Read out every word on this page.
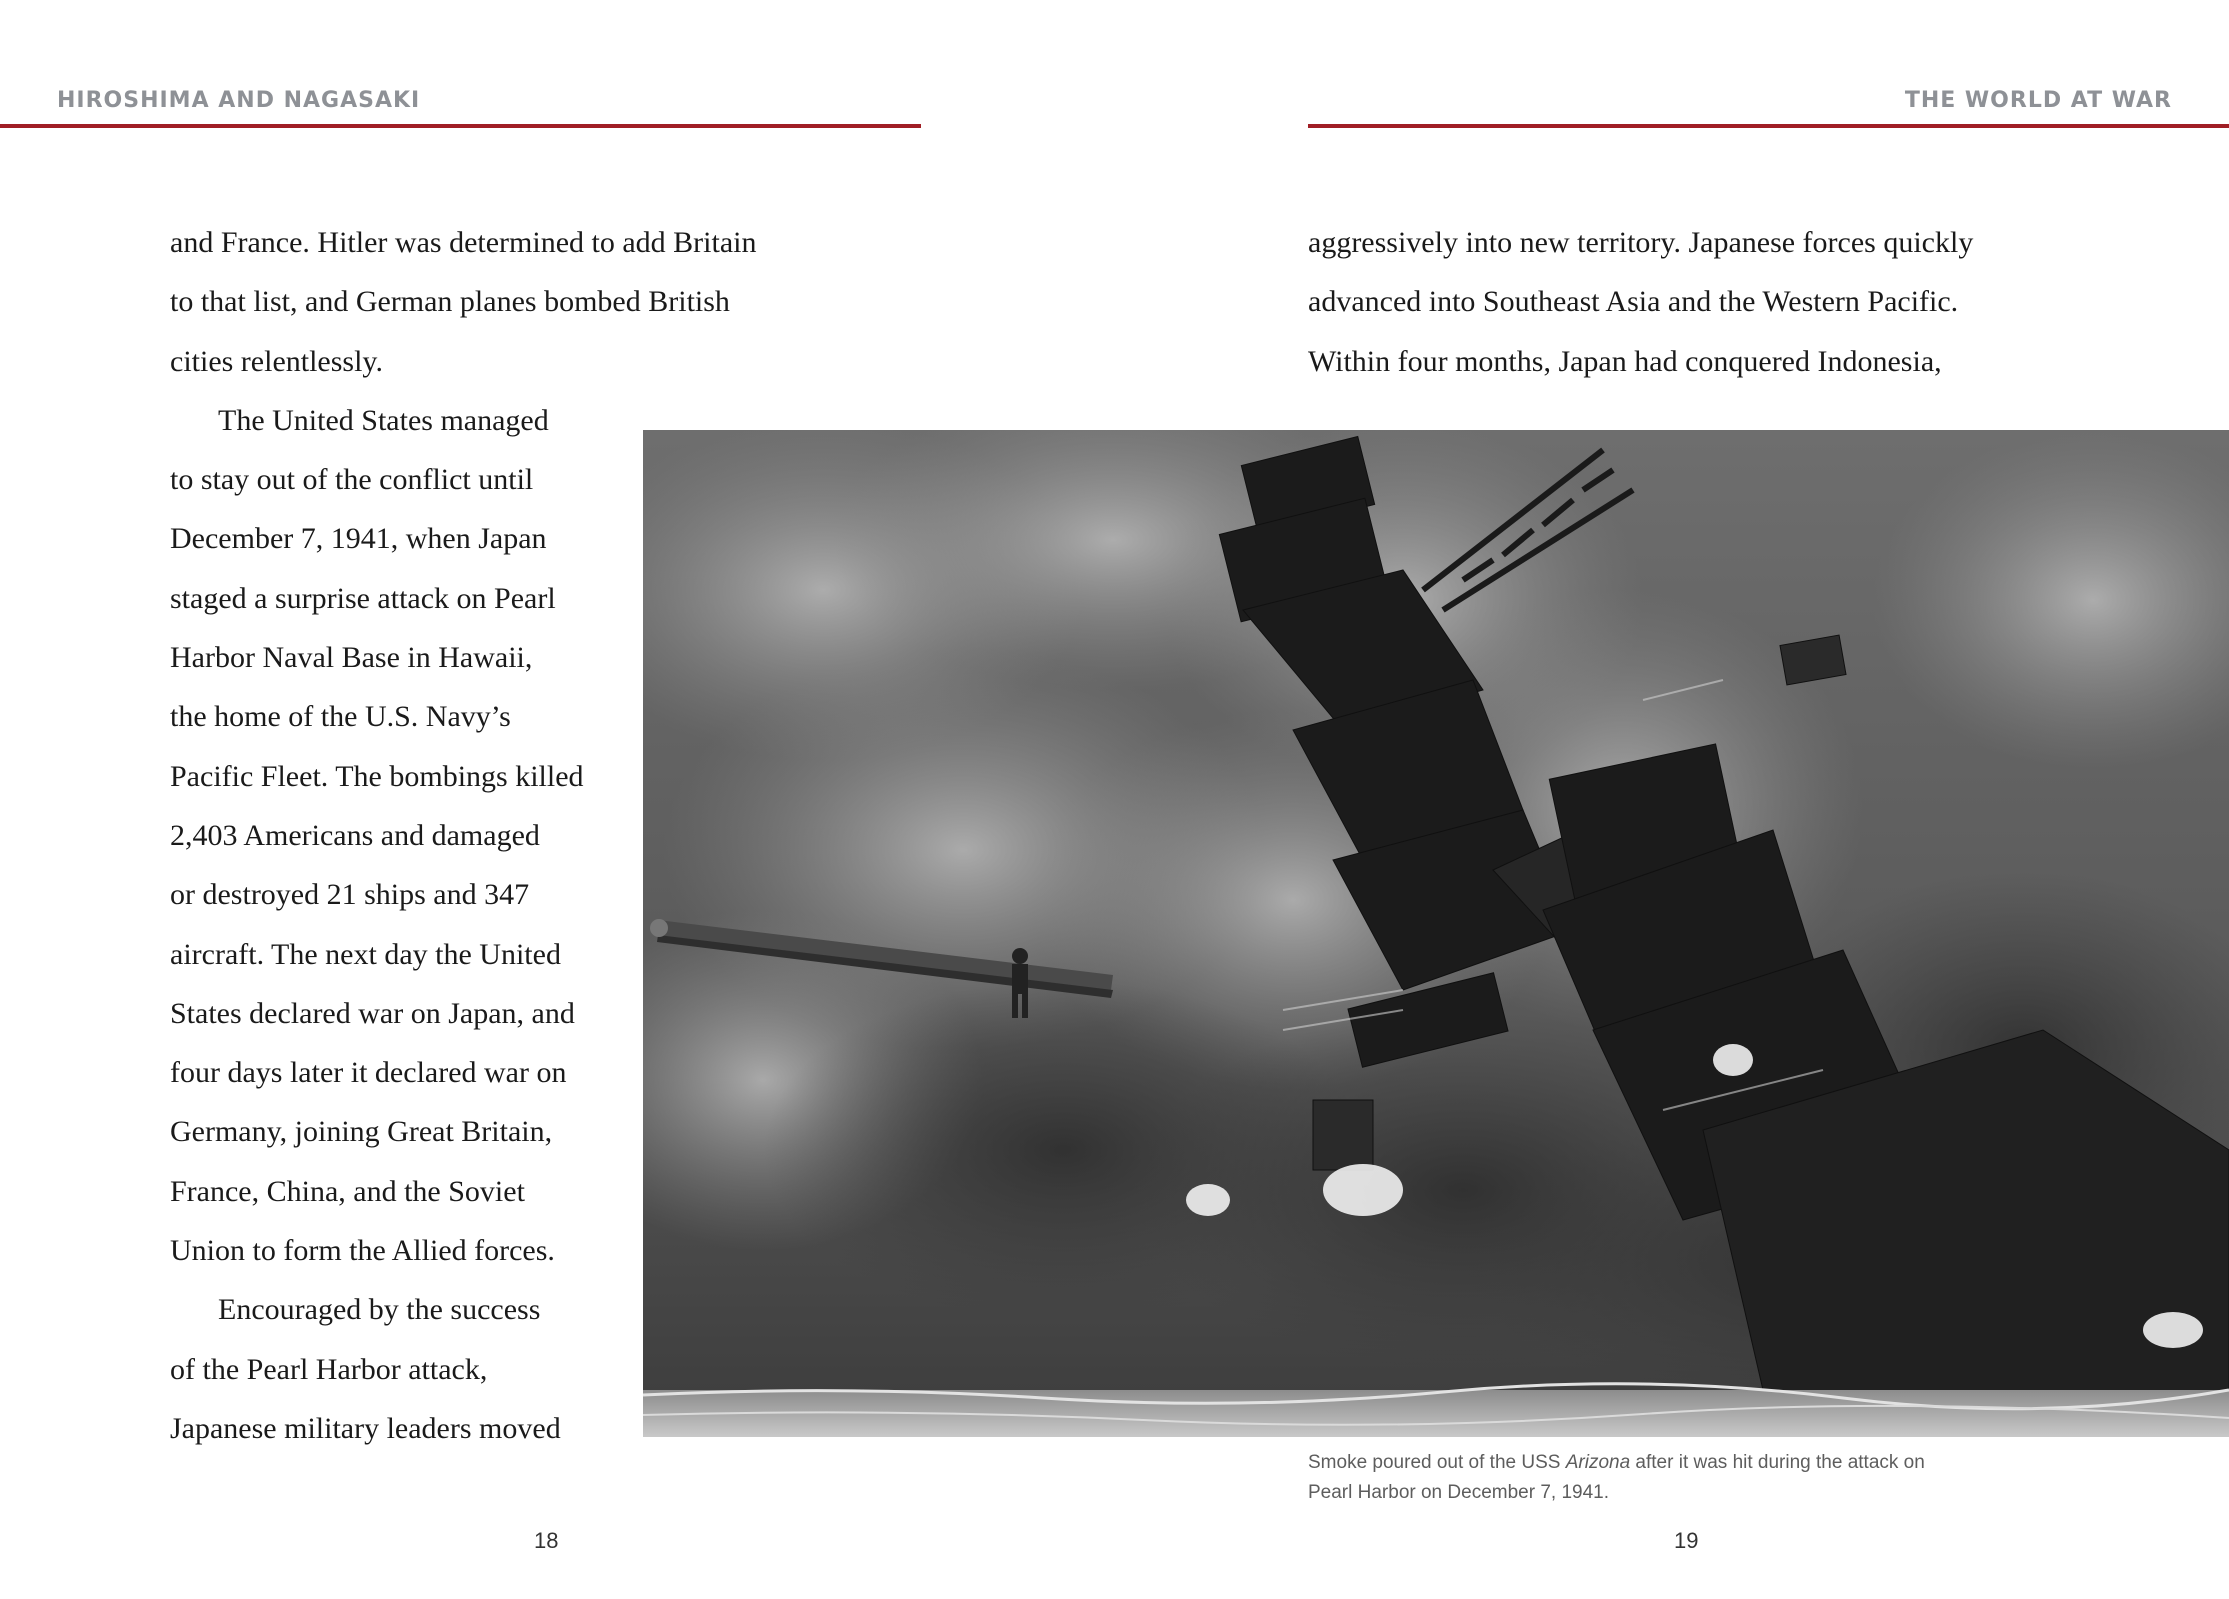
HIROSHIMA AND NAGASAKI	THE WORLD AT WAR
and France. Hitler was determined to add Britain
to that list, and German planes bombed British
cities relentlessly.
The United States managed
to stay out of the conflict until
December 7, 1941, when Japan
staged a surprise attack on Pearl
Harbor Naval Base in Hawaii,
the home of the U.S. Navy’s
Pacific Fleet. The bombings killed
2,403 Americans and damaged
or destroyed 21 ships and 347
aircraft. The next day the United
States declared war on Japan, and
four days later it declared war on
Germany, joining Great Britain,
France, China, and the Soviet
Union to form the Allied forces.
Encouraged by the success
of the Pearl Harbor attack,
Japanese military leaders moved
aggressively into new territory. Japanese forces quickly
advanced into Southeast Asia and the Western Pacific.
Within four months, Japan had conquered Indonesia,

Smoke poured out of the USS Arizona after it was hit during the attack on
Pearl Harbor on December 7, 1941.

18	19
